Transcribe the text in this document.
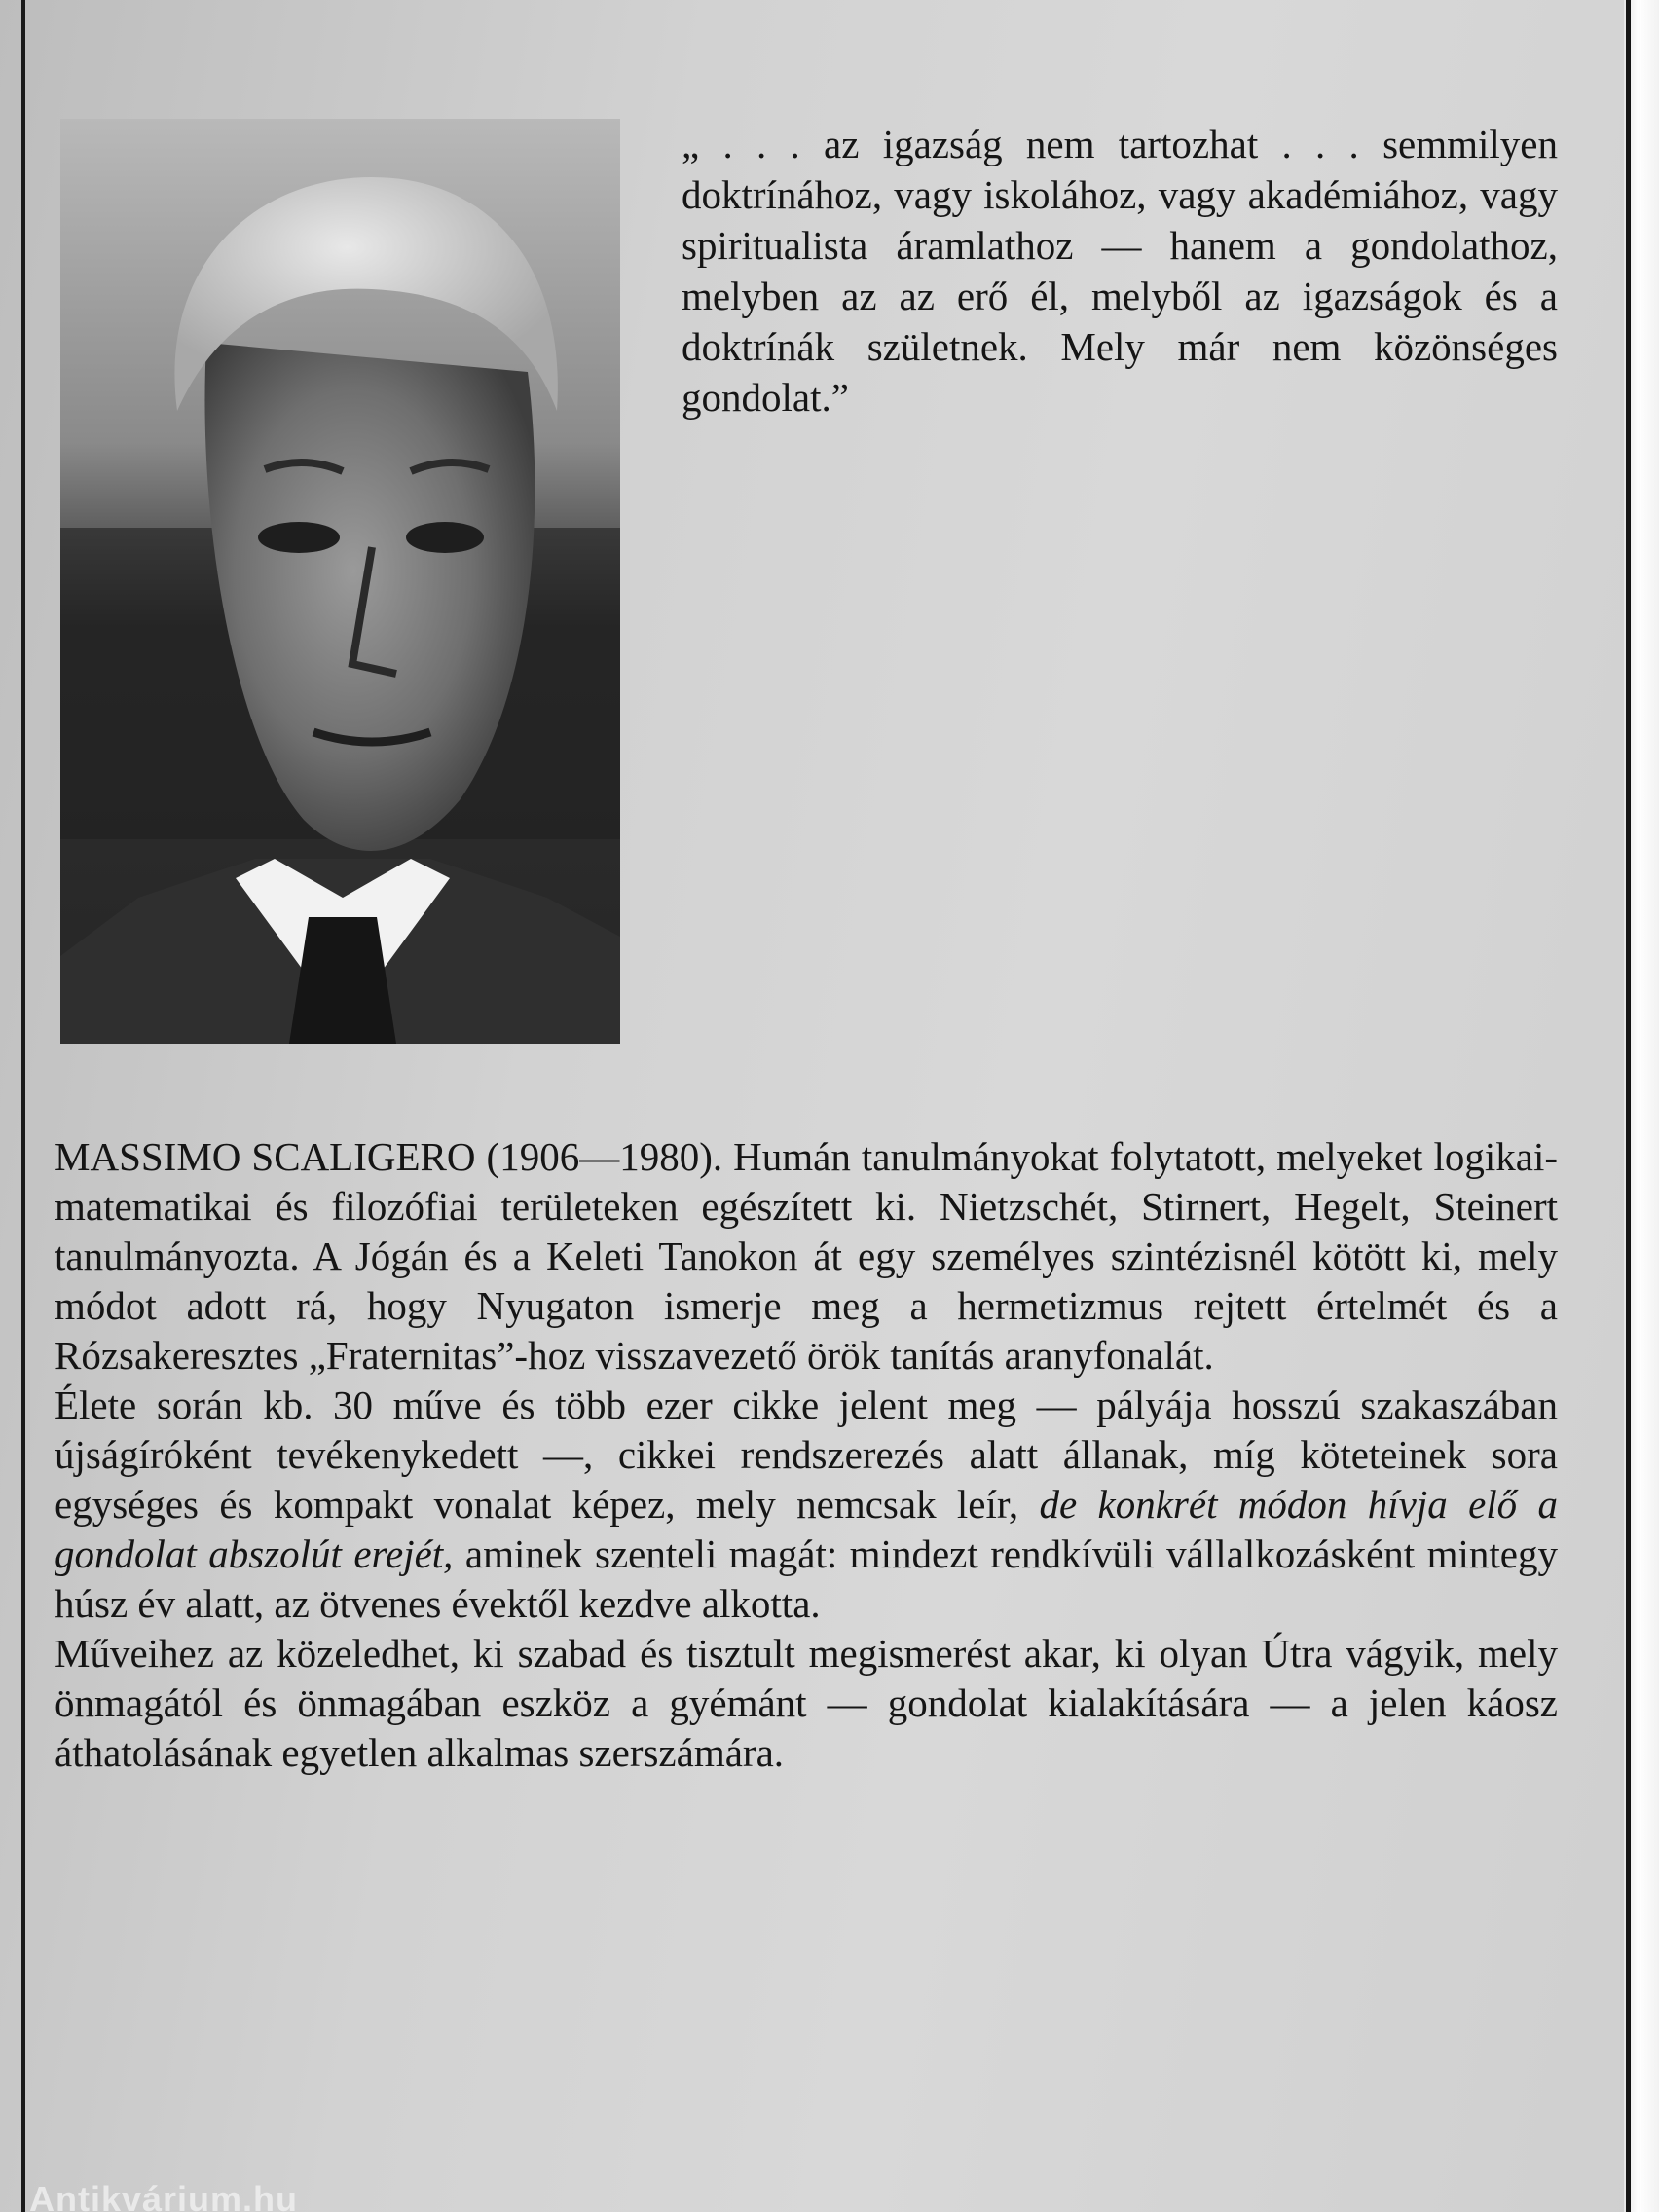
„ . . . az igazság nem tartozhat . . . semmilyen doktrínához, vagy iskolához, vagy akadémiához, vagy spiritualista áramlathoz — hanem a gondolathoz, melyben az az erő él, melyből az igazságok és a doktrínák születnek. Mely már nem közönséges gondolat.”

MASSIMO SCALIGERO (1906—1980). Humán tanulmányokat folytatott, melyeket logikai-matematikai és filozófiai területeken egészített ki. Nietzschét, Stirnert, Hegelt, Steinert tanulmányozta. A Jógán és a Keleti Tanokon át egy személyes szintézisnél kötött ki, mely módot adott rá, hogy Nyugaton ismerje meg a hermetizmus rejtett értelmét és a Rózsakeresztes „Fraternitas”-hoz visszavezető örök tanítás aranyfonalát.

Élete során kb. 30 műve és több ezer cikke jelent meg — pályája hosszú szakaszában újságíróként tevékenykedett —, cikkei rendszerezés alatt állanak, míg köteteinek sora egységes és kompakt vonalat képez, mely nemcsak leír, de konkrét módon hívja elő a gondolat abszolút erejét, aminek szenteli magát: mindezt rendkívüli vállalkozásként mintegy húsz év alatt, az ötvenes évektől kezdve alkotta.

Műveihez az közeledhet, ki szabad és tisztult megismerést akar, ki olyan Útra vágyik, mely önmagától és önmagában eszköz a gyémánt — gondolat kialakítására — a jelen káosz áthatolásának egyetlen alkalmas szerszámára.

Antikvárium.hu
